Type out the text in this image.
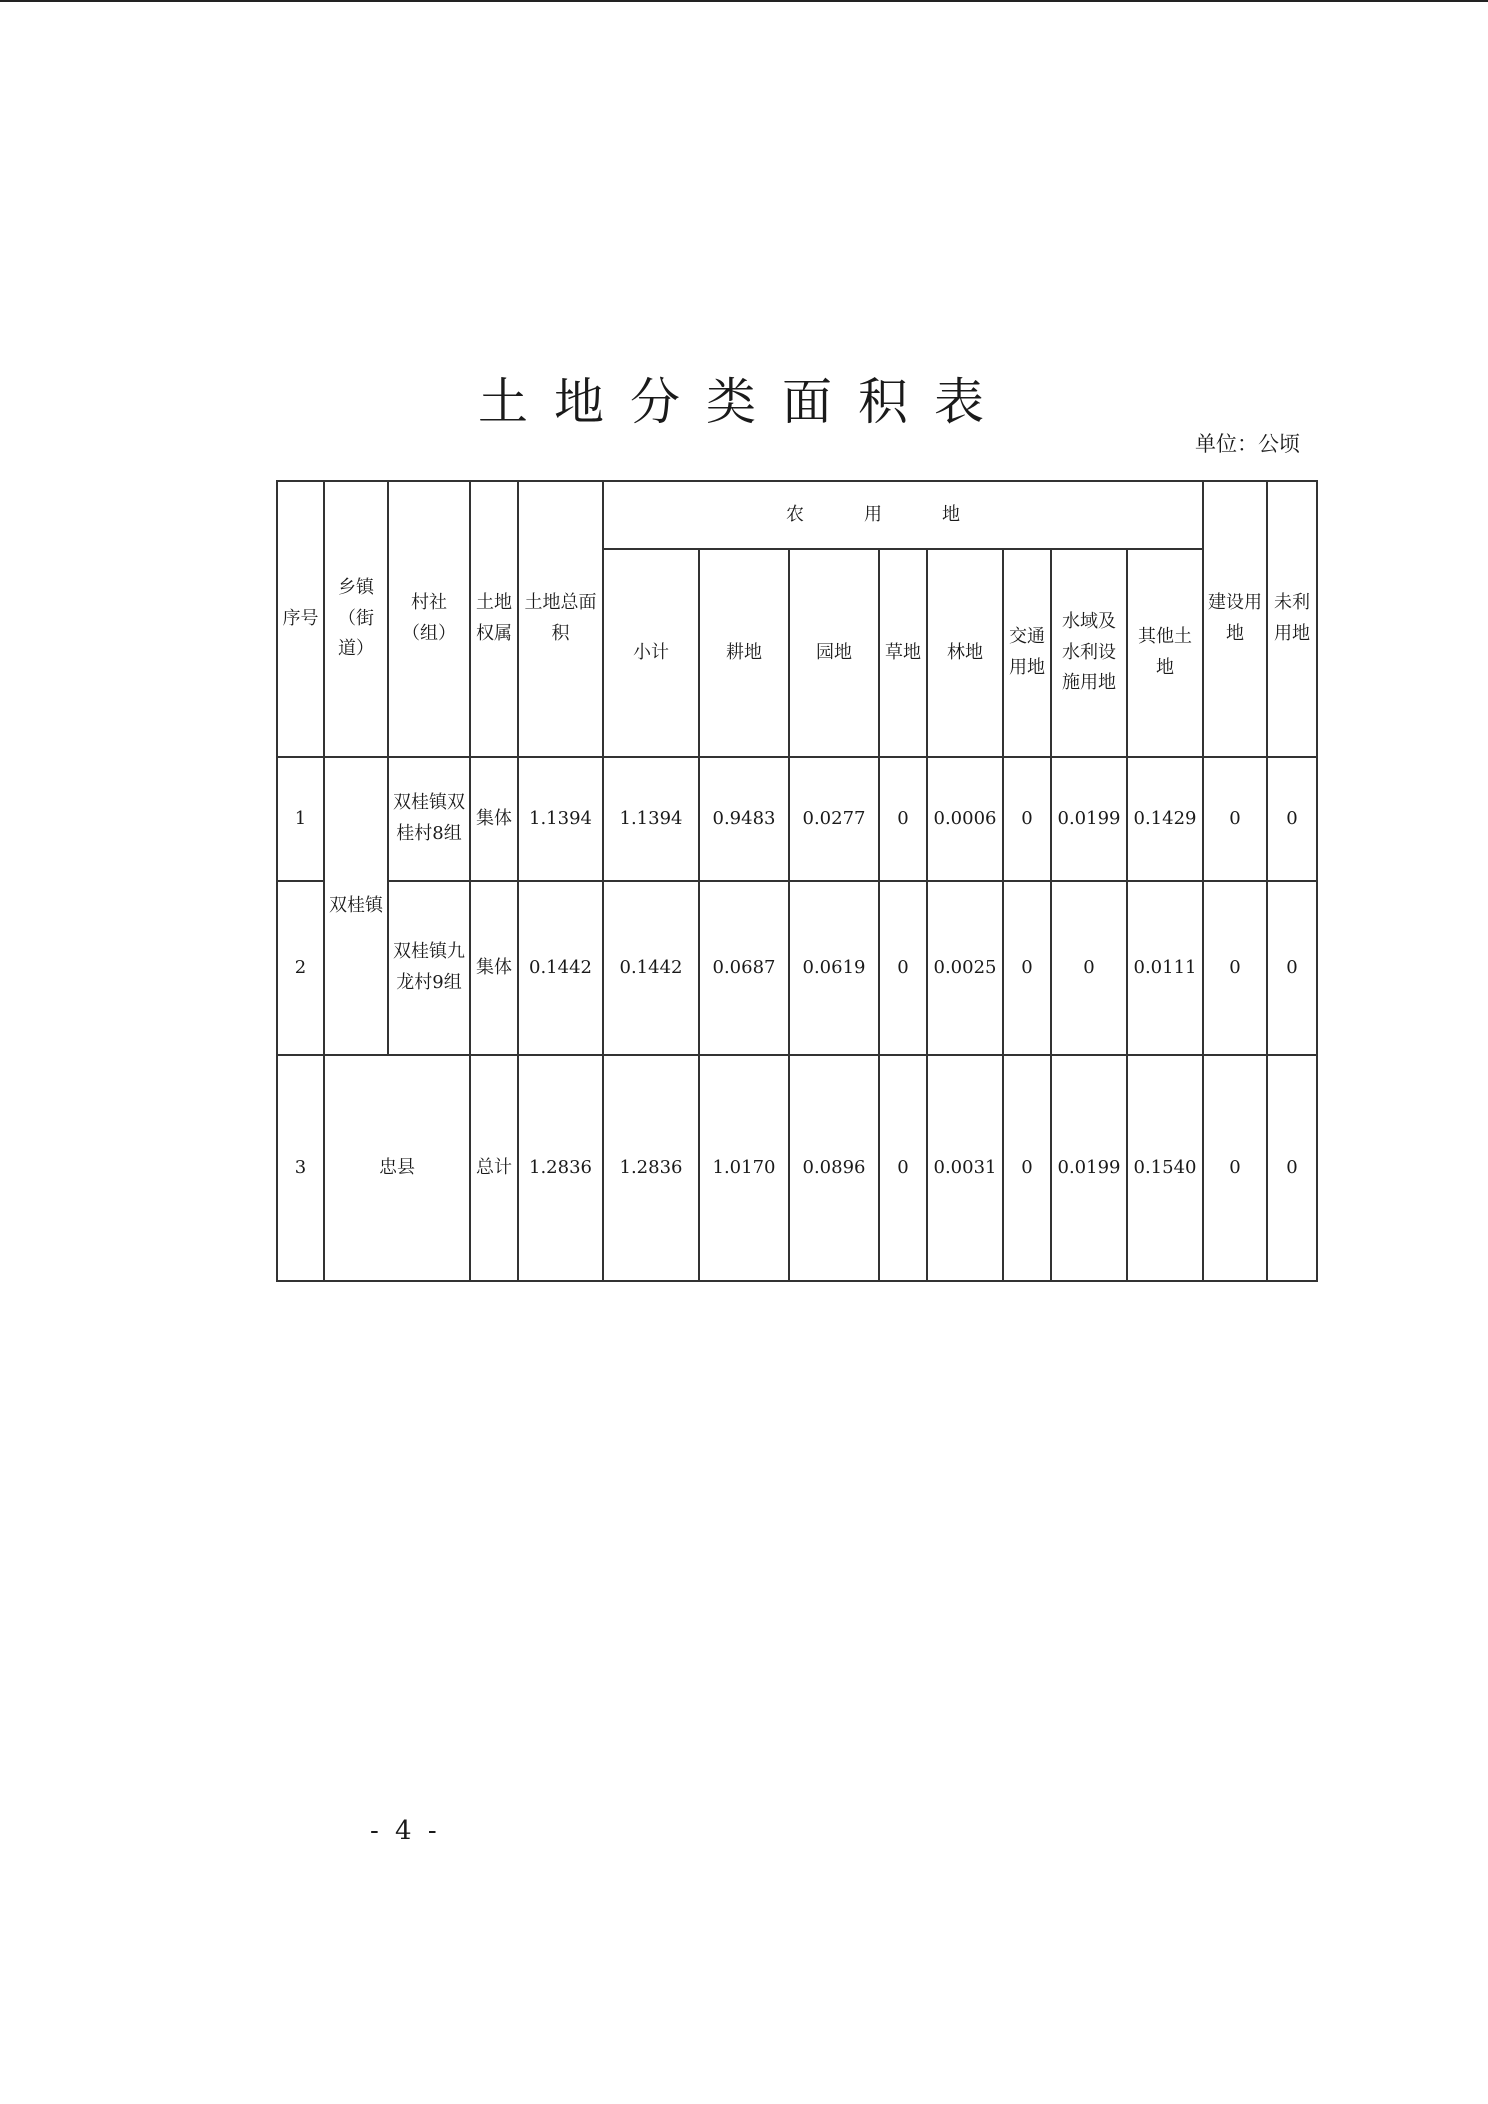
土地分类面积表
单位：公顷
序号	乡镇（街道）	村社（组）	土地权属	土地总面积	农用地								建设用地	未利用地
					小计	耕地	园地	草地	林地	交通用地	水域及水利设施用地	其他土地		
1	双桂镇	双桂镇双桂村8组	集体	1.1394	1.1394	0.9483	0.0277	0	0.0006	0	0.0199	0.1429	0	0
2		双桂镇九龙村9组	集体	0.1442	0.1442	0.0687	0.0619	0	0.0025	0	0	0.0111	0	0
3	忠县		总计	1.2836	1.2836	1.0170	0.0896	0	0.0031	0	0.0199	0.1540	0	0
- 4 -
